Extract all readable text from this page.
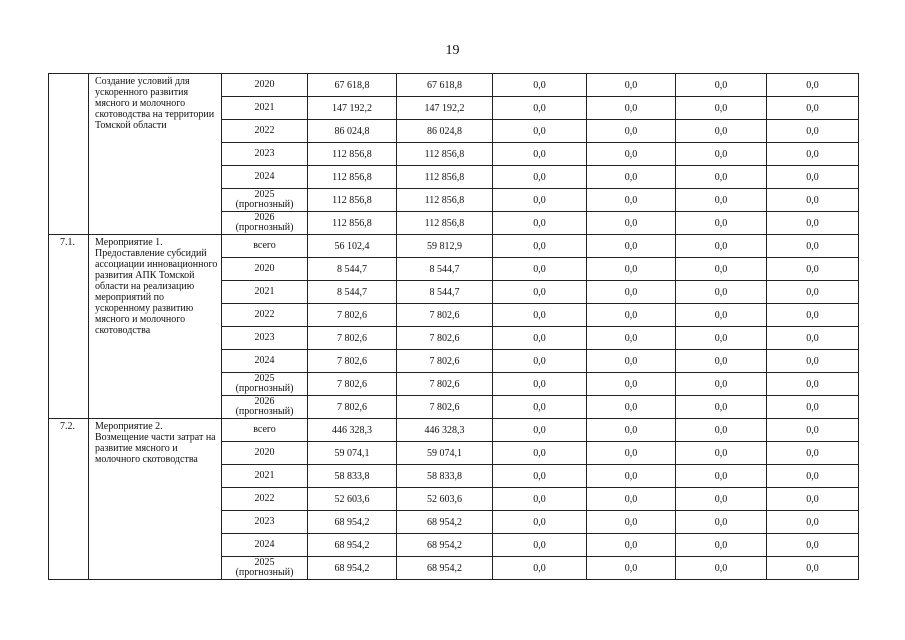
19
	Создание условий для ускоренного развития мясного и молочного скотоводства на территории Томской области	2020	67 618,8	67 618,8	0,0	0,0	0,0	0,0

		2021	147 192,2	147 192,2	0,0	0,0	0,0	0,0

		2022	86 024,8	86 024,8	0,0	0,0	0,0	0,0

		2023	112 856,8	112 856,8	0,0	0,0	0,0	0,0

		2024	112 856,8	112 856,8	0,0	0,0	0,0	0,0

		2025
(прогнозный)	112 856,8	112 856,8	0,0	0,0	0,0	0,0

		2026
(прогнозный)	112 856,8	112 856,8	0,0	0,0	0,0	0,0
7.1.	Мероприятие 1. Предоставление субсидий ассоциации инновационного развития АПК Томской области на реализацию мероприятий по ускоренному развитию мясного и молочного скотоводства	всего	56 102,4	59 812,9	0,0	0,0	0,0	0,0

		2020	8 544,7	8 544,7	0,0	0,0	0,0	0,0

		2021	8 544,7	8 544,7	0,0	0,0	0,0	0,0

		2022	7 802,6	7 802,6	0,0	0,0	0,0	0,0

		2023	7 802,6	7 802,6	0,0	0,0	0,0	0,0

		2024	7 802,6	7 802,6	0,0	0,0	0,0	0,0

		2025
(прогнозный)	7 802,6	7 802,6	0,0	0,0	0,0	0,0

		2026
(прогнозный)	7 802,6	7 802,6	0,0	0,0	0,0	0,0
7.2.	Мероприятие 2. Возмещение части затрат на развитие мясного и молочного скотоводства	всего	446 328,3	446 328,3	0,0	0,0	0,0	0,0

		2020	59 074,1	59 074,1	0,0	0,0	0,0	0,0

		2021	58 833,8	58 833,8	0,0	0,0	0,0	0,0

		2022	52 603,6	52 603,6	0,0	0,0	0,0	0,0

		2023	68 954,2	68 954,2	0,0	0,0	0,0	0,0

		2024	68 954,2	68 954,2	0,0	0,0	0,0	0,0

		2025
(прогнозный)	68 954,2	68 954,2	0,0	0,0	0,0	0,0
